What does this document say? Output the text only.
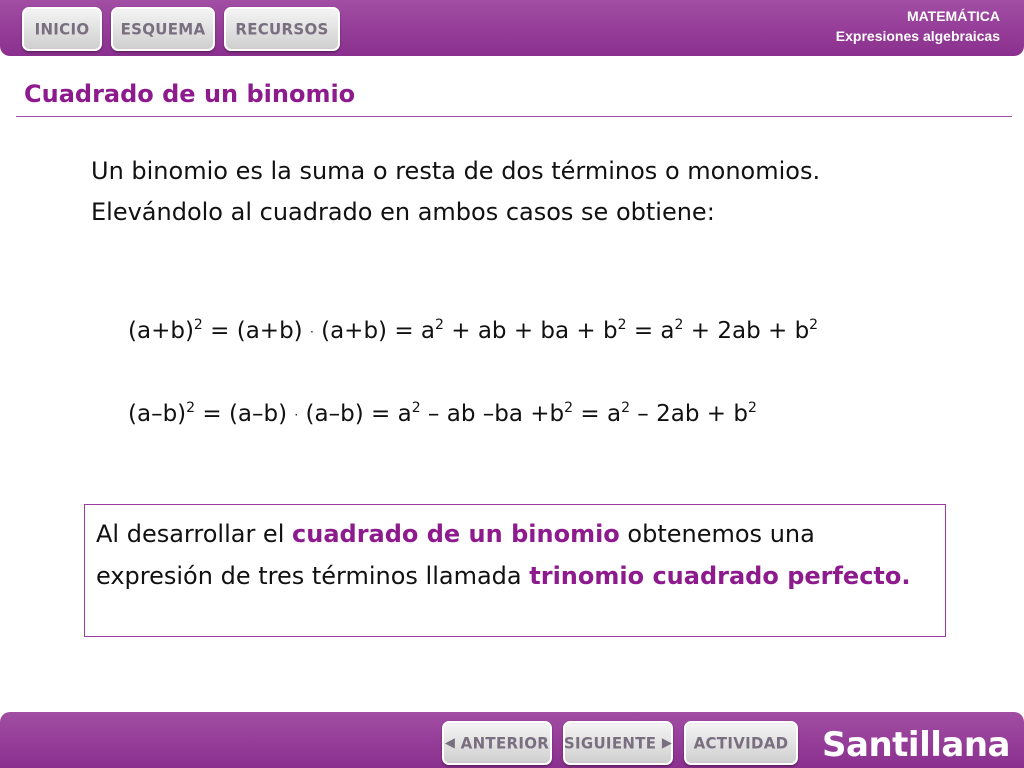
INICIO ESQUEMA RECURSOS
MATEMÁTICA
Expresiones algebraicas
Cuadrado de un binomio

Un binomio es la suma o resta de dos términos o monomios. Elevándolo al cuadrado en ambos casos se obtiene:

$(a+b)^2 = (a+b) \cdot (a+b) = a^2$ + ab + ba + $b^2 = a^2 + 2ab + b^2$
$(a-b)^2 = (a-b) \cdot (a-b) = a^2$ – ab $-ba +b^2 = a^2 - 2ab + b^2$

Al desarrollar el cuadrado de un binomio obtenemos una expresión de tres términos llamada trinomio cuadrado perfecto.

◀
ANTERIOR SIGUIENTE
▶ ACTIVIDAD Santillana
